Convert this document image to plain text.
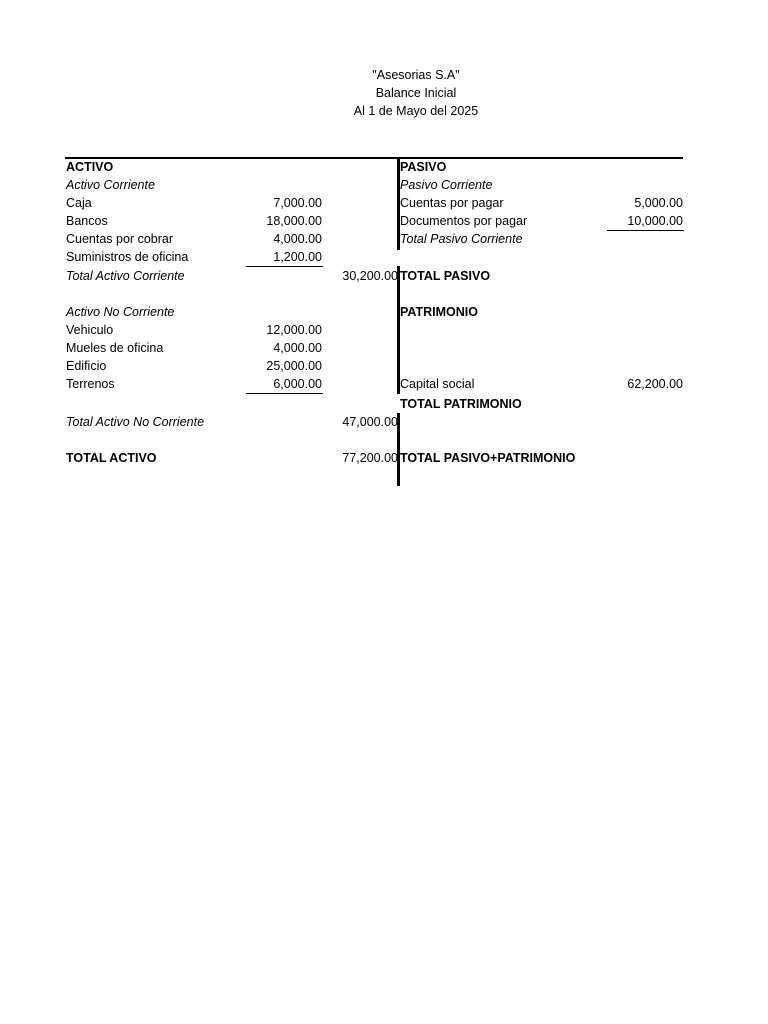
"Asesorias S.A"
Balance Inicial
Al 1 de Mayo del 2025
ACTIVO
Activo Corriente
Caja	7,000.00
Bancos	18,000.00
Cuentas por cobrar	4,000.00
Suministros de oficina	1,200.00
Total Activo Corriente	30,200.00
Activo No Corriente
Vehiculo	12,000.00
Mueles de oficina	4,000.00
Edificio	25,000.00
Terrenos	6,000.00
Total Activo No Corriente	47,000.00
TOTAL ACTIVO	77,200.00
PASIVO
Pasivo Corriente
Cuentas por pagar	5,000.00
Documentos por pagar	10,000.00
Total Pasivo Corriente
TOTAL PASIVO
PATRIMONIO
Capital social	62,200.00
TOTAL PATRIMONIO
TOTAL PASIVO+PATRIMONIO
